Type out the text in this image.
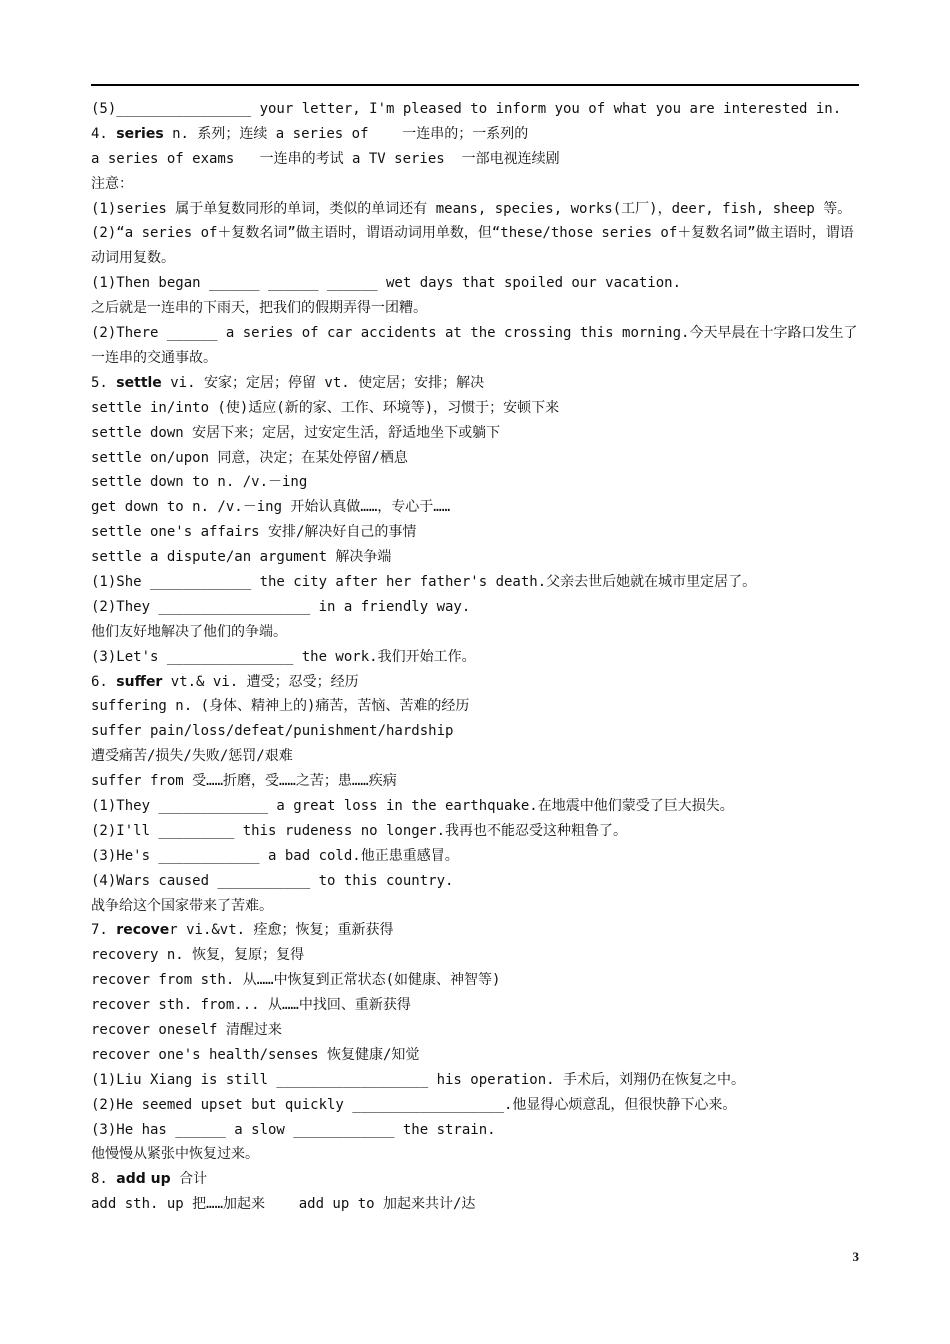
(5)________________ your letter, I'm pleased to inform you of what you are interested in.
4. series n. 系列；连续 a series of    一连串的；一系列的
a series of exams   一连串的考试 a TV series  一部电视连续剧
注意：
(1)series 属于单复数同形的单词，类似的单词还有 means, species, works(工厂)，deer, fish, sheep 等。
(2)“a series of＋复数名词”做主语时，谓语动词用单数，但“these/those series of＋复数名词”做主语时，谓语动词用复数。
(1)Then began ______ ______ ______ wet days that spoiled our vacation.
之后就是一连串的下雨天，把我们的假期弄得一团糟。
(2)There ______ a series of car accidents at the crossing this morning.今天早晨在十字路口发生了一连串的交通事故。
5. settle vi. 安家；定居；停留 vt. 使定居；安排；解决
settle in/into (使)适应(新的家、工作、环境等)，习惯于；安顿下来
settle down 安居下来；定居，过安定生活，舒适地坐下或躺下
settle on/upon 同意，决定；在某处停留/栖息
settle down to n. /v.－ing
get down to n. /v.－ing 开始认真做……，专心于……
settle one's affairs 安排/解决好自己的事情
settle a dispute/an argument 解决争端
(1)She ____________ the city after her father's death.父亲去世后她就在城市里定居了。
(2)They __________________ in a friendly way.
他们友好地解决了他们的争端。
(3)Let's _______________ the work.我们开始工作。
6. suffer vt.& vi. 遭受；忍受；经历
suffering n. (身体、精神上的)痛苦，苦恼、苦难的经历
suffer pain/loss/defeat/punishment/hardship
遭受痛苦/损失/失败/惩罚/艰难
suffer from 受……折磨，受……之苦；患……疾病
(1)They _____________ a great loss in the earthquake.在地震中他们蒙受了巨大损失。
(2)I'll _________ this rudeness no longer.我再也不能忍受这种粗鲁了。
(3)He's ____________ a bad cold.他正患重感冒。
(4)Wars caused ___________ to this country.
战争给这个国家带来了苦难。
7. recover vi.&vt. 痊愈；恢复；重新获得
recovery n. 恢复，复原；复得
recover from sth. 从……中恢复到正常状态(如健康、神智等)
recover sth. from... 从……中找回、重新获得
recover oneself 清醒过来
recover one's health/senses 恢复健康/知觉
(1)Liu Xiang is still __________________ his operation. 手术后，刘翔仍在恢复之中。
(2)He seemed upset but quickly __________________.他显得心烦意乱，但很快静下心来。
(3)He has ______ a slow ____________ the strain.
他慢慢从紧张中恢复过来。
8. add up 合计
add sth. up 把……加起来    add up to 加起来共计/达
3
